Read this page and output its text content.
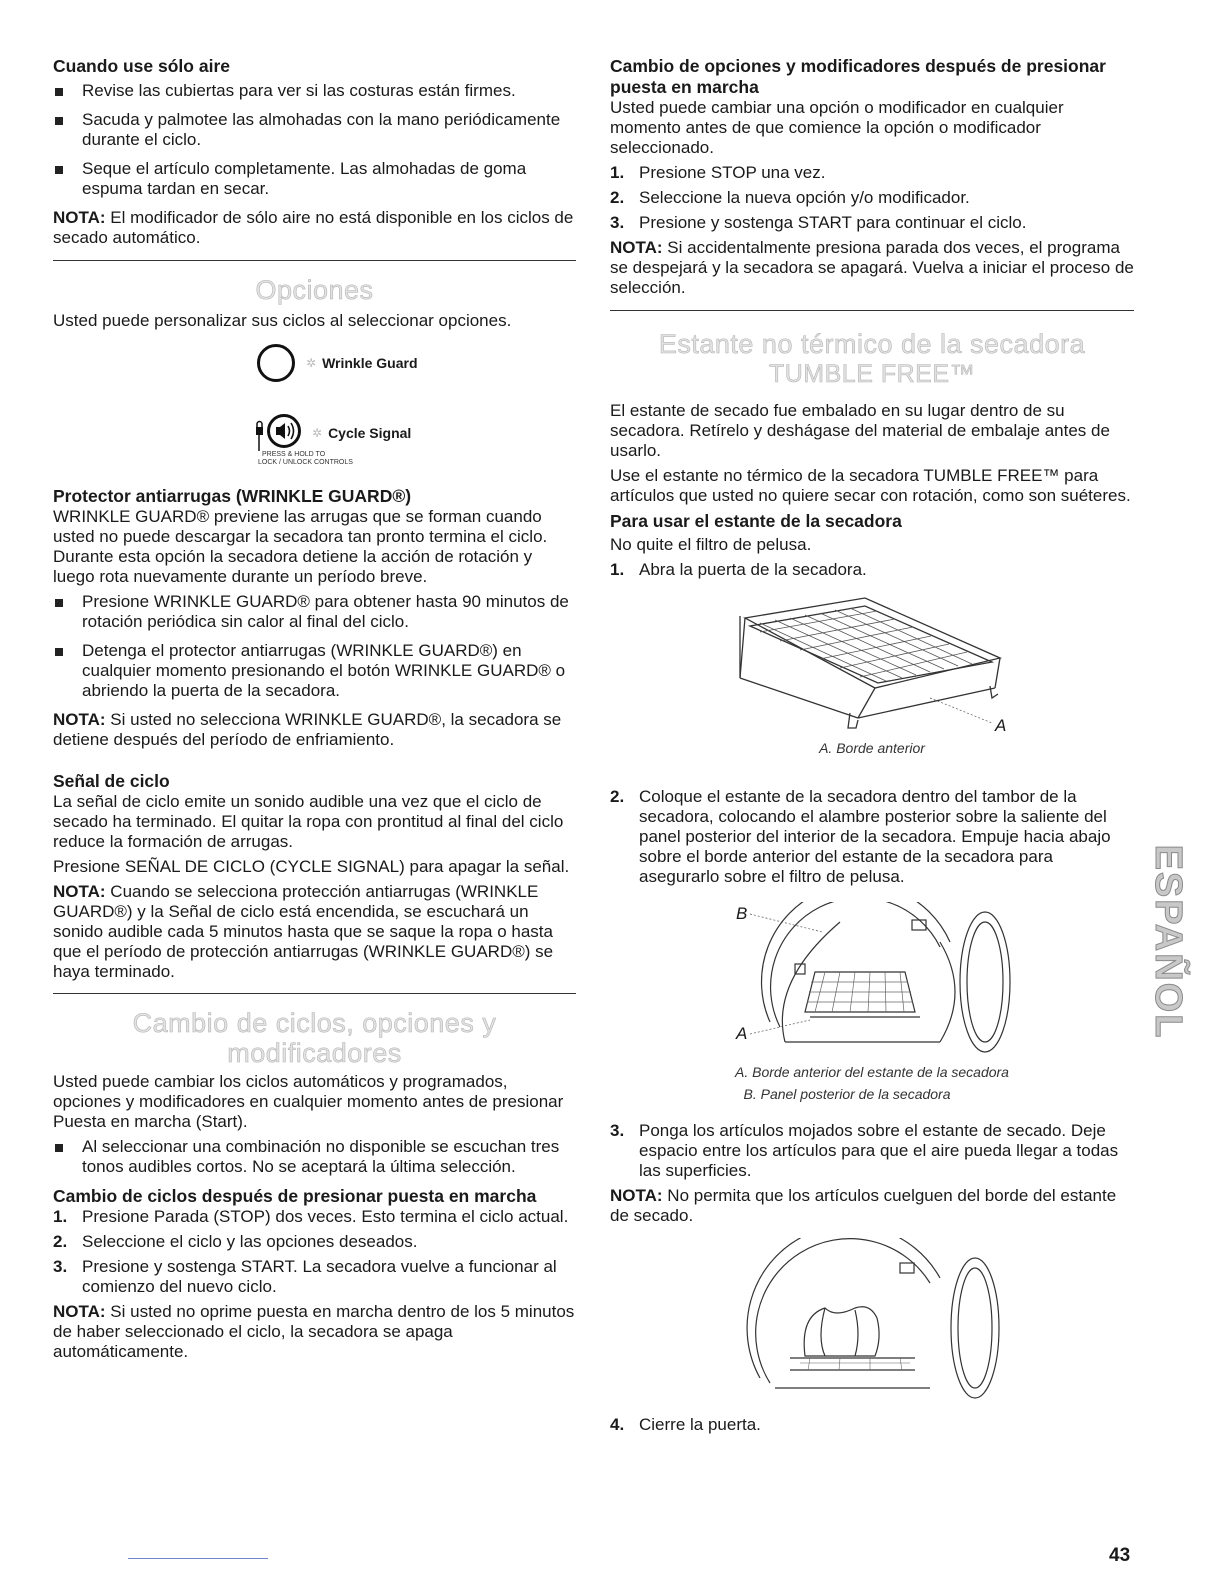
Cuando use sólo aire
Revise las cubiertas para ver si las costuras están firmes.
Sacuda y palmotee las almohadas con la mano periódicamente durante el ciclo.
Seque el artículo completamente. Las almohadas de goma espuma tardan en secar.

NOTA: El modificador de sólo aire no está disponible en los ciclos de secado automático.

Opciones

Usted puede personalizar sus ciclos al seleccionar opciones.

✲ Wrinkle Guard
✲ Cycle Signal
PRESS & HOLD TO
LOCK / UNLOCK CONTROLS
Protector antiarrugas (WRINKLE GUARD®)

WRINKLE GUARD® previene las arrugas que se forman cuando usted no puede descargar la secadora tan pronto termina el ciclo. Durante esta opción la secadora detiene la acción de rotación y luego rota nuevamente durante un período breve.

Presione WRINKLE GUARD® para obtener hasta 90 minutos de rotación periódica sin calor al final del ciclo.
Detenga el protector antiarrugas (WRINKLE GUARD®) en cualquier momento presionando el botón WRINKLE GUARD® o abriendo la puerta de la secadora.

NOTA: Si usted no selecciona WRINKLE GUARD®, la secadora se detiene después del período de enfriamiento.

Señal de ciclo

La señal de ciclo emite un sonido audible una vez que el ciclo de secado ha terminado. El quitar la ropa con prontitud al final del ciclo reduce la formación de arrugas.

Presione SEÑAL DE CICLO (CYCLE SIGNAL) para apagar la señal.

NOTA: Cuando se selecciona protección antiarrugas (WRINKLE GUARD®) y la Señal de ciclo está encendida, se escuchará un sonido audible cada 5 minutos hasta que se saque la ropa o hasta que el período de protección antiarrugas (WRINKLE GUARD®) se haya terminado.

Cambio de ciclos, opciones y
modificadores

Usted puede cambiar los ciclos automáticos y programados, opciones y modificadores en cualquier momento antes de presionar Puesta en marcha (Start).

Al seleccionar una combinación no disponible se escuchan tres tonos audibles cortos. No se aceptará la última selección.
Cambio de ciclos después de presionar puesta en marcha
1. Presione Parada (STOP) dos veces. Esto termina el ciclo actual.
2. Seleccione el ciclo y las opciones deseados.
3. Presione y sostenga START. La secadora vuelve a funcionar al comienzo del nuevo ciclo.

NOTA: Si usted no oprime puesta en marcha dentro de los 5 minutos de haber seleccionado el ciclo, la secadora se apaga automáticamente.

Cambio de opciones y modificadores después de presionar puesta en marcha

Usted puede cambiar una opción o modificador en cualquier momento antes de que comience la opción o modificador seleccionado.

1. Presione STOP una vez.
2. Seleccione la nueva opción y/o modificador.
3. Presione y sostenga START para continuar el ciclo.

NOTA: Si accidentalmente presiona parada dos veces, el programa se despejará y la secadora se apagará. Vuelva a iniciar el proceso de selección.

Estante no térmico de la secadora
TUMBLE FREE™

El estante de secado fue embalado en su lugar dentro de su secadora. Retírelo y deshágase del material de embalaje antes de usarlo.

Use el estante no térmico de la secadora TUMBLE FREE™ para artículos que usted no quiere secar con rotación, como son suéteres.

Para usar el estante de la secadora

No quite el filtro de pelusa.

1. Abra la puerta de la secadora.
A
A. Borde anterior
2. Coloque el estante de la secadora dentro del tambor de la secadora, colocando el alambre posterior sobre la saliente del panel posterior del interior de la secadora. Empuje hacia abajo sobre el borde anterior del estante de la secadora para asegurarlo sobre el filtro de pelusa.
B
A
A. Borde anterior del estante de la secadora
B. Panel posterior de la secadora
3. Ponga los artículos mojados sobre el estante de secado. Deje espacio entre los artículos para que el aire pueda llegar a todas las superficies.

NOTA: No permita que los artículos cuelguen del borde del estante de secado.

4. Cierre la puerta.
ESPAÑOL
43
